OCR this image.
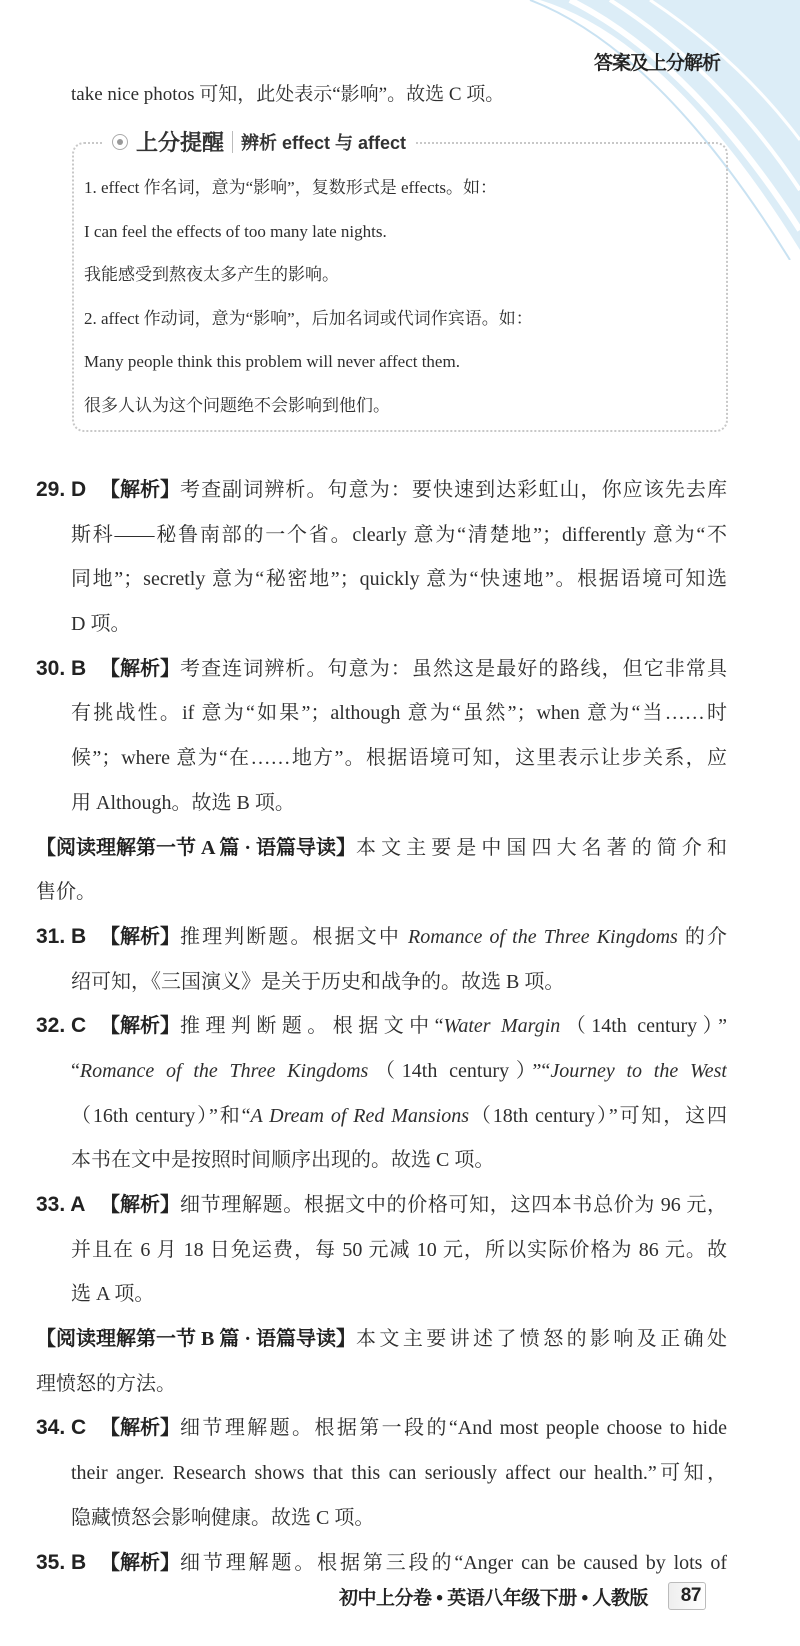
答案及上分解析
take nice photos 可知，此处表示“影响”。故选 C 项。
上分提醒 辨析 effect 与 affect
1. effect 作名词，意为“影响”，复数形式是 effects。如：
I can feel the effects of too many late nights.
我能感受到熬夜太多产生的影响。
2. affect 作动词，意为“影响”，后加名词或代词作宾语。如：
Many people think this problem will never affect them.
很多人认为这个问题绝不会影响到他们。
29. D 【解析】 考查副词辨析。句意为：要快速到达彩虹山，你应该先去库
斯科——秘鲁南部的一个省。clearly 意为“清楚地”；differently 意为“不
同地”；secretly 意为“秘密地”；quickly 意为“快速地”。根据语境可知选
D 项。
30. B 【解析】 考查连词辨析。句意为：虽然这是最好的路线，但它非常具
有挑战性。if 意为“如果”；although 意为“虽然”；when 意为“当……时
候”；where 意为“在……地方”。根据语境可知，这里表示让步关系，应
用 Although。故选 B 项。
【阅读理解第一节 A 篇 · 语篇导读】 本文主要是中国四大名著的简介和
售价。
31. B 【解析】 推理判断题。根据文中 Romance of the Three Kingdoms 的介
绍可知，《三国演义》是关于历史和战争的。故选 B 项。
32. C 【解析】 推理判断题。根据文中“Water Margin（14th century）”
“Romance of the Three Kingdoms（14th century）”“Journey to the West
（16th century）”和“A Dream of Red Mansions（18th century）”可知，这四
本书在文中是按照时间顺序出现的。故选 C 项。
33. A 【解析】 细节理解题。根据文中的价格可知，这四本书总价为 96 元，
并且在 6 月 18 日免运费，每 50 元减 10 元，所以实际价格为 86 元。故
选 A 项。
【阅读理解第一节 B 篇 · 语篇导读】 本文主要讲述了愤怒的影响及正确处
理愤怒的方法。
34. C 【解析】 细节理解题。根据第一段的“And most people choose to hide
their anger. Research shows that this can seriously affect our health.”可知，
隐藏愤怒会影响健康。故选 C 项。
35. B 【解析】 细节理解题。根据第三段的“Anger can be caused by lots of
初中上分卷 • 英语八年级下册 • 人教版	87
